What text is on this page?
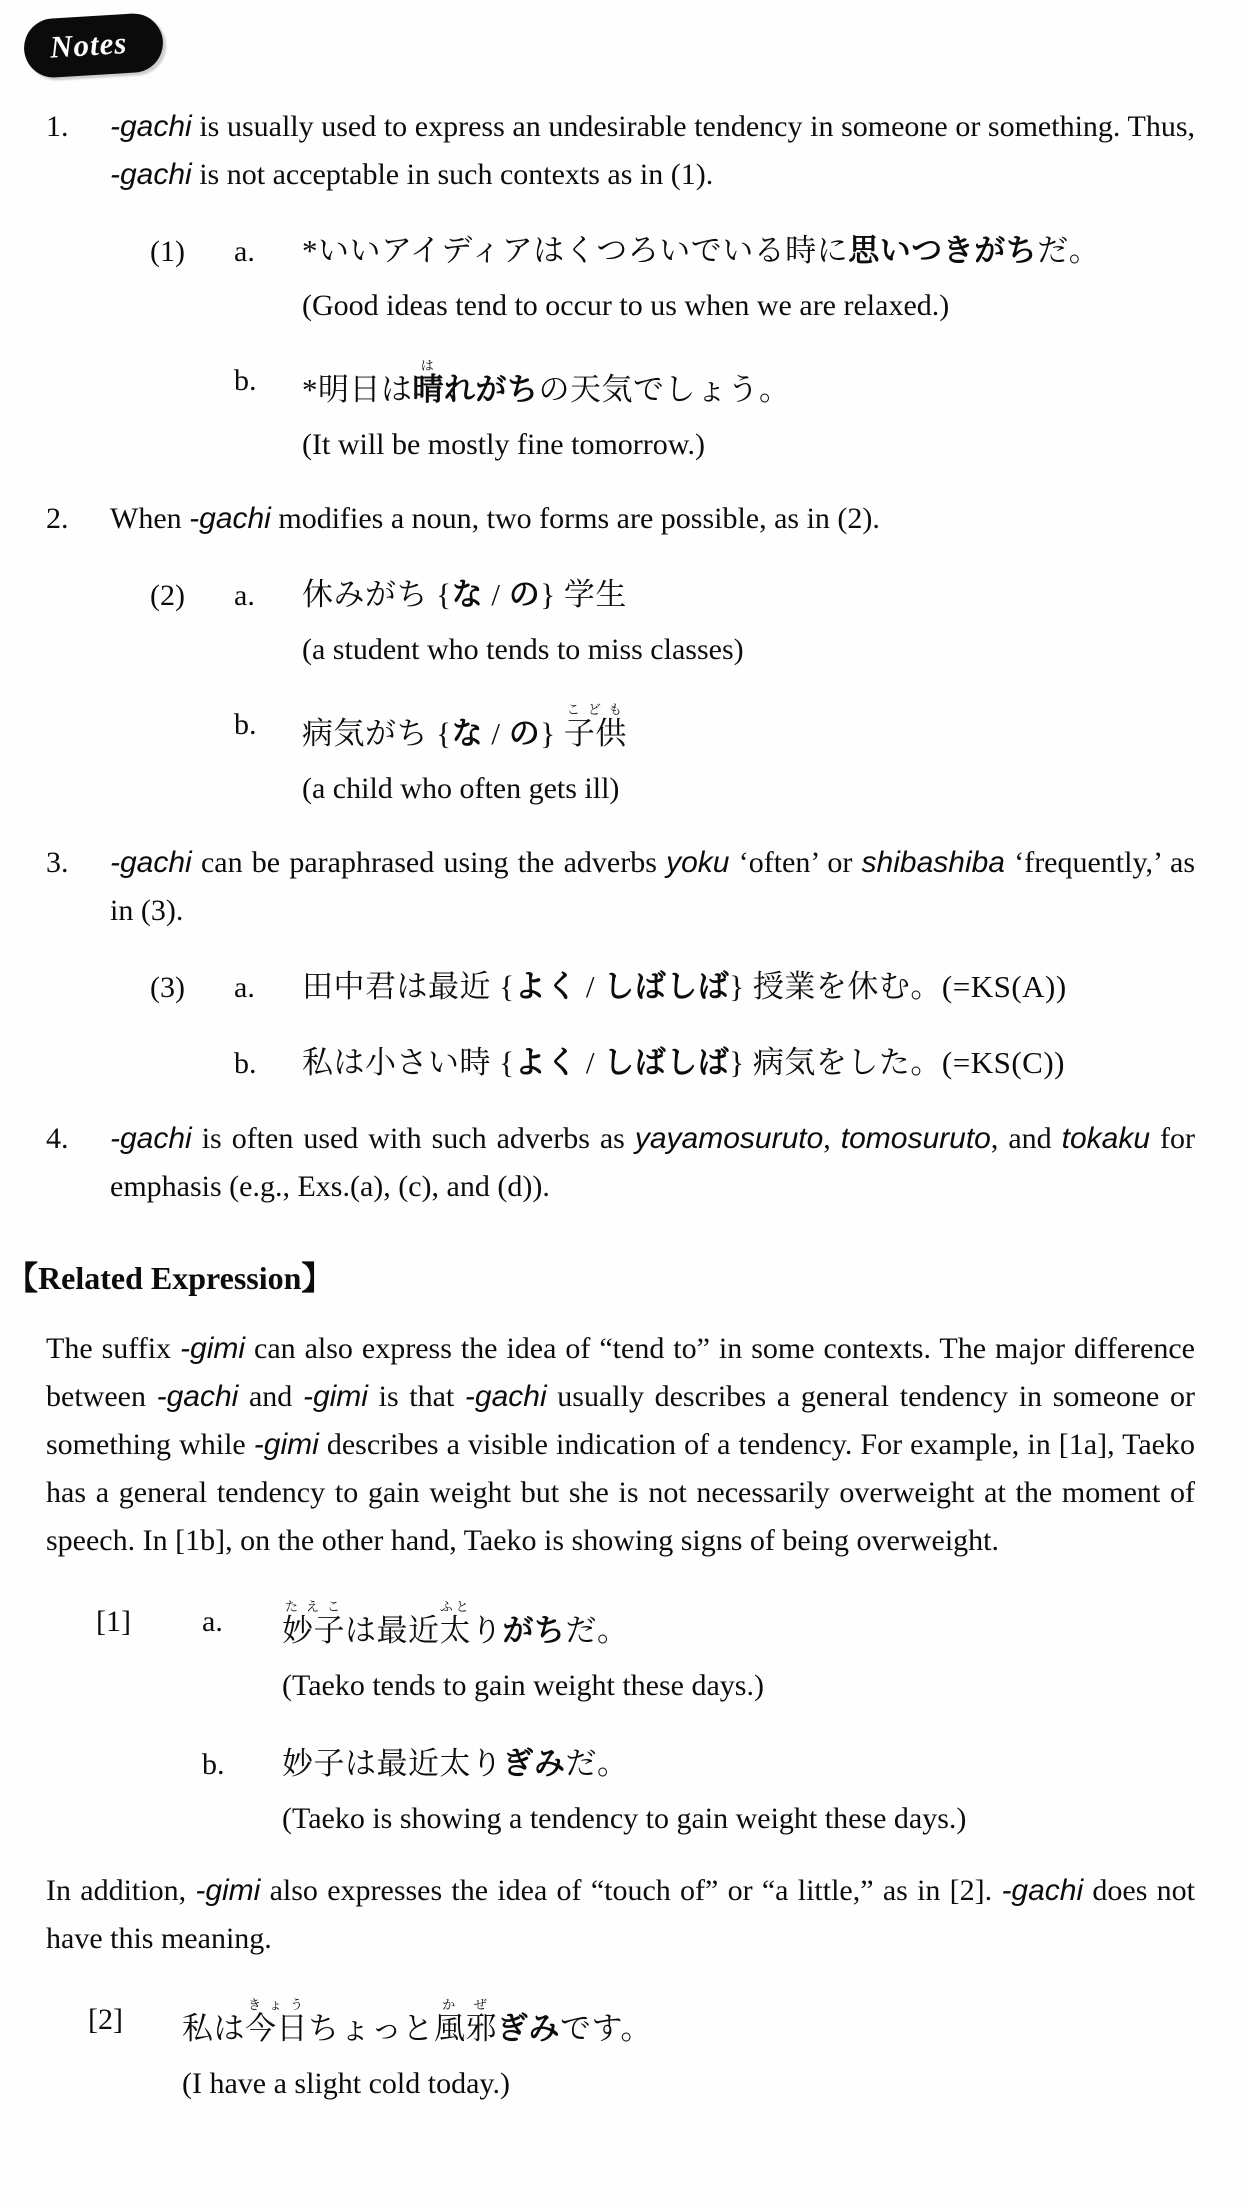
Notes
1.	-gachi is usually used to express an undesirable tendency in someone or something. Thus, -gachi is not acceptable in such contexts as in (1).
(1)	a.	*いいアイディアはくつろいでいる時に思いつきがちだ。
(Good ideas tend to occur to us when we are relaxed.)
b.	*明日は晴はれがちの天気でしょう。
(It will be mostly fine tomorrow.)
2.	When -gachi modifies a noun, two forms are possible, as in (2).
(2)	a.	休みがち {な / の} 学生
(a student who tends to miss classes)
b.	病気がち {な / の} 子供こども
(a child who often gets ill)
3.	-gachi can be paraphrased using the adverbs yoku ‘often’ or shibashiba ‘frequently,’ as in (3).
(3)	a.	田中君は最近 {よく / しばしば} 授業を休む。(=KS(A))
b.	私は小さい時 {よく / しばしば} 病気をした。(=KS(C))
4.	-gachi is often used with such adverbs as yayamosuruto, tomosuruto, and tokaku for emphasis (e.g., Exs.(a), (c), and (d)).
【Related Expression】
The suffix -gimi can also express the idea of “tend to” in some contexts. The major difference between -gachi and -gimi is that -gachi usually describes a general tendency in someone or something while -gimi describes a visible indication of a tendency. For example, in [1a], Taeko has a general tendency to gain weight but she is not necessarily overweight at the moment of speech. In [1b], on the other hand, Taeko is showing signs of being overweight.
[1]	a.	妙子たえこは最近太ふとりがちだ。
(Taeko tends to gain weight these days.)
b.	妙子は最近太りぎみだ。
(Taeko is showing a tendency to gain weight these days.)
In addition, -gimi also expresses the idea of “touch of” or “a little,” as in [2]. -gachi does not have this meaning.
[2]	私は今日きょうちょっと風邪かぜぎみです。
(I have a slight cold today.)
